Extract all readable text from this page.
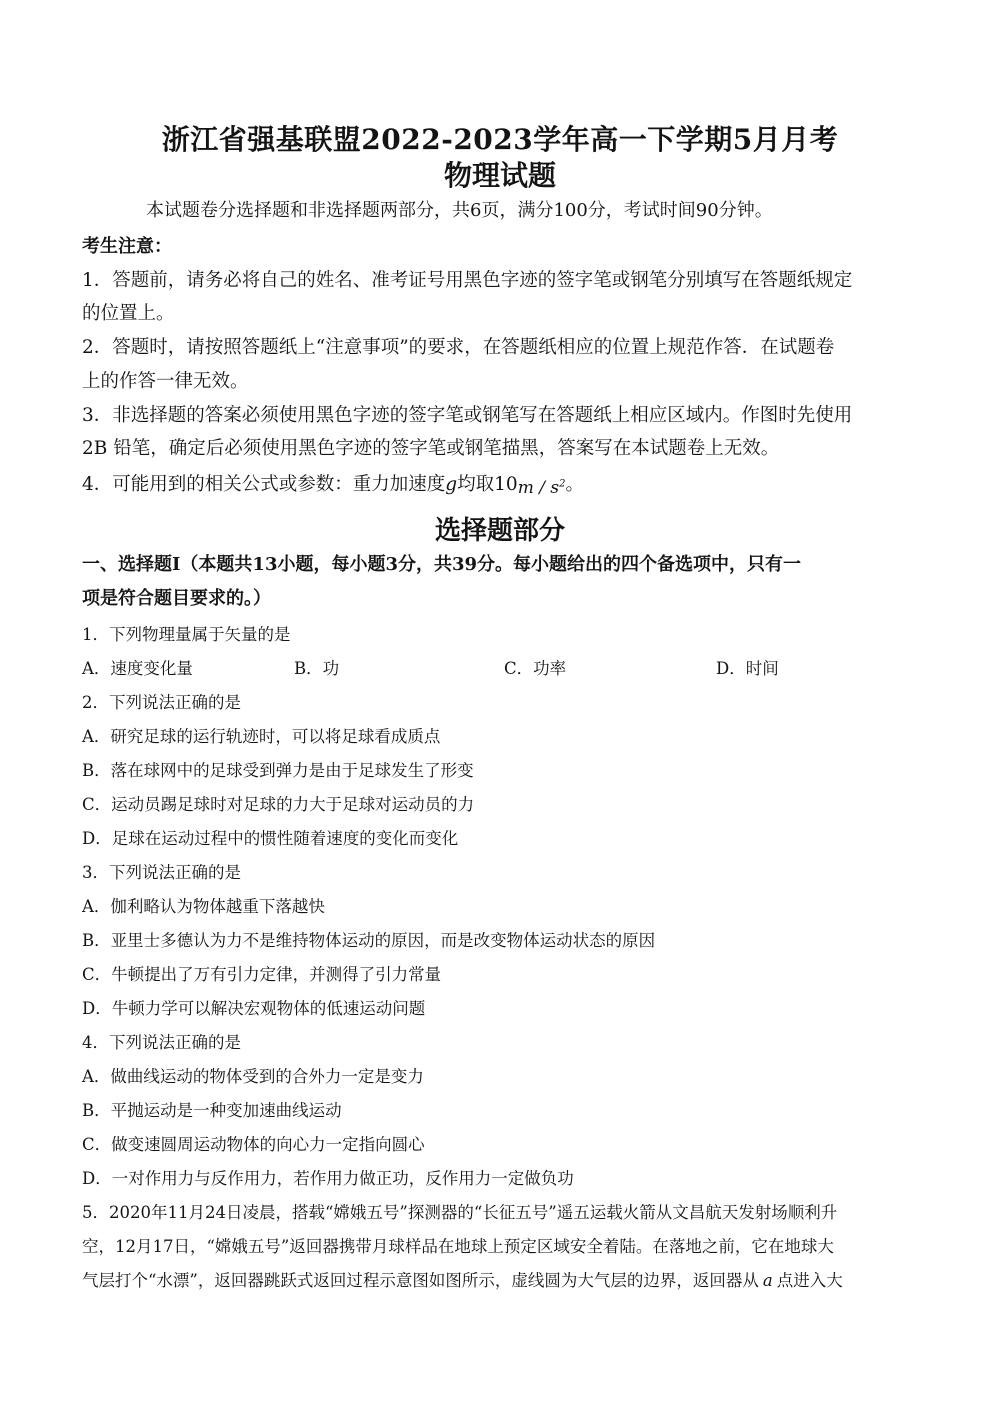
浙江省强基联盟2022-2023学年高一下学期5月月考
物理试题
本试题卷分选择题和非选择题两部分，共6页，满分100分，考试时间90分钟。
考生注意：
1．答题前，请务必将自己的姓名、准考证号用黑色字迹的签字笔或钢笔分别填写在答题纸规定
的位置上。
2．答题时，请按照答题纸上“注意事项”的要求，在答题纸相应的位置上规范作答．在试题卷
上的作答一律无效。
3．非选择题的答案必须使用黑色字迹的签字笔或钢笔写在答题纸上相应区域内。作图时先使用
2B 铅笔，确定后必须使用黑色字迹的签字笔或钢笔描黑，答案写在本试题卷上无效。
4．可能用到的相关公式或参数：重力加速度g均取$10m / s^2$。
选择题部分
一、选择题Ⅰ（本题共13小题，每小题3分，共39分。每小题给出的四个备选项中，只有一
项是符合题目要求的。）
1．下列物理量属于矢量的是
A．速度变化量	B．功	C．功率	D．时间
2．下列说法正确的是
A．研究足球的运行轨迹时，可以将足球看成质点
B．落在球网中的足球受到弹力是由于足球发生了形变
C．运动员踢足球时对足球的力大于足球对运动员的力
D．足球在运动过程中的惯性随着速度的变化而变化
3．下列说法正确的是
A．伽利略认为物体越重下落越快
B．亚里士多德认为力不是维持物体运动的原因，而是改变物体运动状态的原因
C．牛顿提出了万有引力定律，并测得了引力常量
D．牛顿力学可以解决宏观物体的低速运动问题
4．下列说法正确的是
A．做曲线运动的物体受到的合外力一定是变力
B．平抛运动是一种变加速曲线运动
C．做变速圆周运动物体的向心力一定指向圆心
D．一对作用力与反作用力，若作用力做正功，反作用力一定做负功
5．2020年11月24日凌晨，搭载“嫦娥五号”探测器的“长征五号”遥五运载火箭从文昌航天发射场顺利升
空，12月17日，“嫦娥五号”返回器携带月球样品在地球上预定区域安全着陆。在落地之前，它在地球大
气层打个“水漂”，返回器跳跃式返回过程示意图如图所示，虚线圆为大气层的边界，返回器从 a 点进入大
